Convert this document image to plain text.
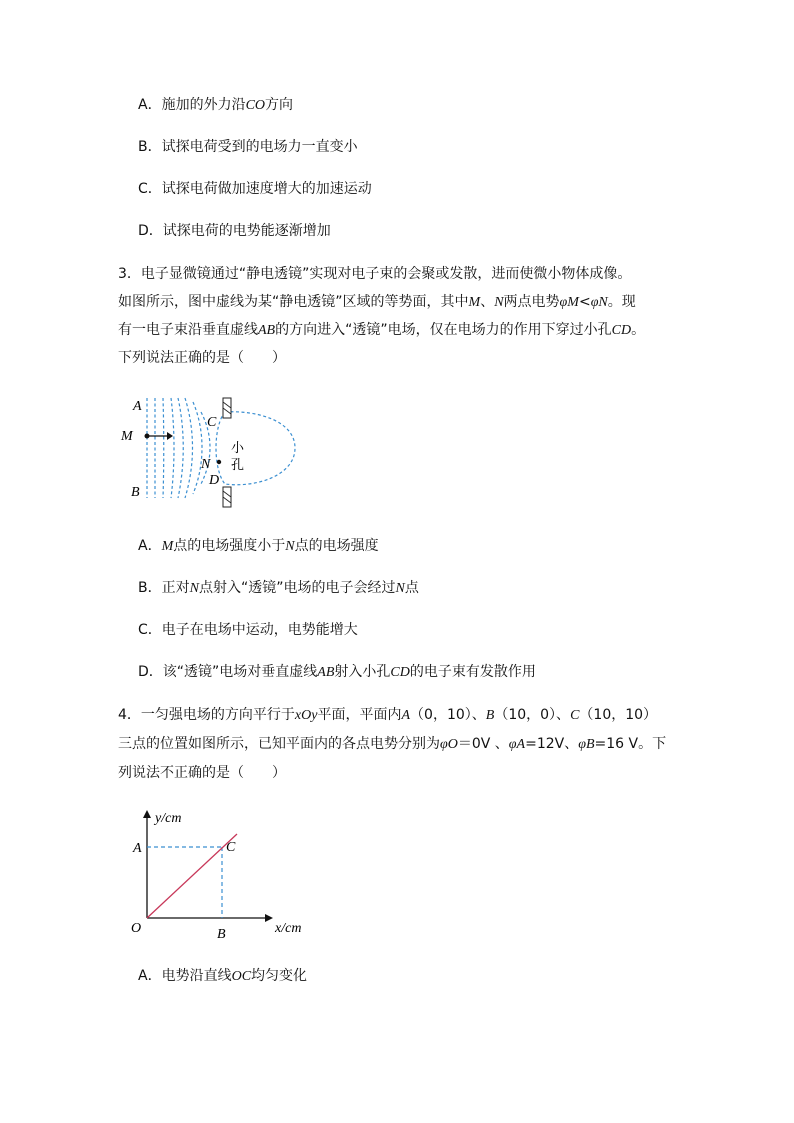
A．施加的外力沿CO方向
B．试探电荷受到的电场力一直变小
C．试探电荷做加速度增大的加速运动
D．试探电荷的电势能逐渐增加
3．电子显微镜通过“静电透镜”实现对电子束的会聚或发散，进而使微小物体成像。
如图所示，图中虚线为某“静电透镜”区域的等势面，其中M、N两点电势φM<φN。现
有一电子束沿垂直虚线AB的方向进入“透镜”电场，仅在电场力的作用下穿过小孔CD。
下列说法正确的是（　　）
A
M
B
C
N
D
小
孔
A．M点的电场强度小于N点的电场强度
B．正对N点射入“透镜”电场的电子会经过N点
C．电子在电场中运动，电势能增大
D．该“透镜”电场对垂直虚线AB射入小孔CD的电子束有发散作用
4．一匀强电场的方向平行于xOy平面，平面内A（0，10）、B（10，0）、C（10，10）
三点的位置如图所示，已知平面内的各点电势分别为φO＝0V 、φA=12V、φB=16 V。下
列说法不正确的是（　　）
y/cm
x/cm
A	C
O	B
A．电势沿直线OC均匀变化
